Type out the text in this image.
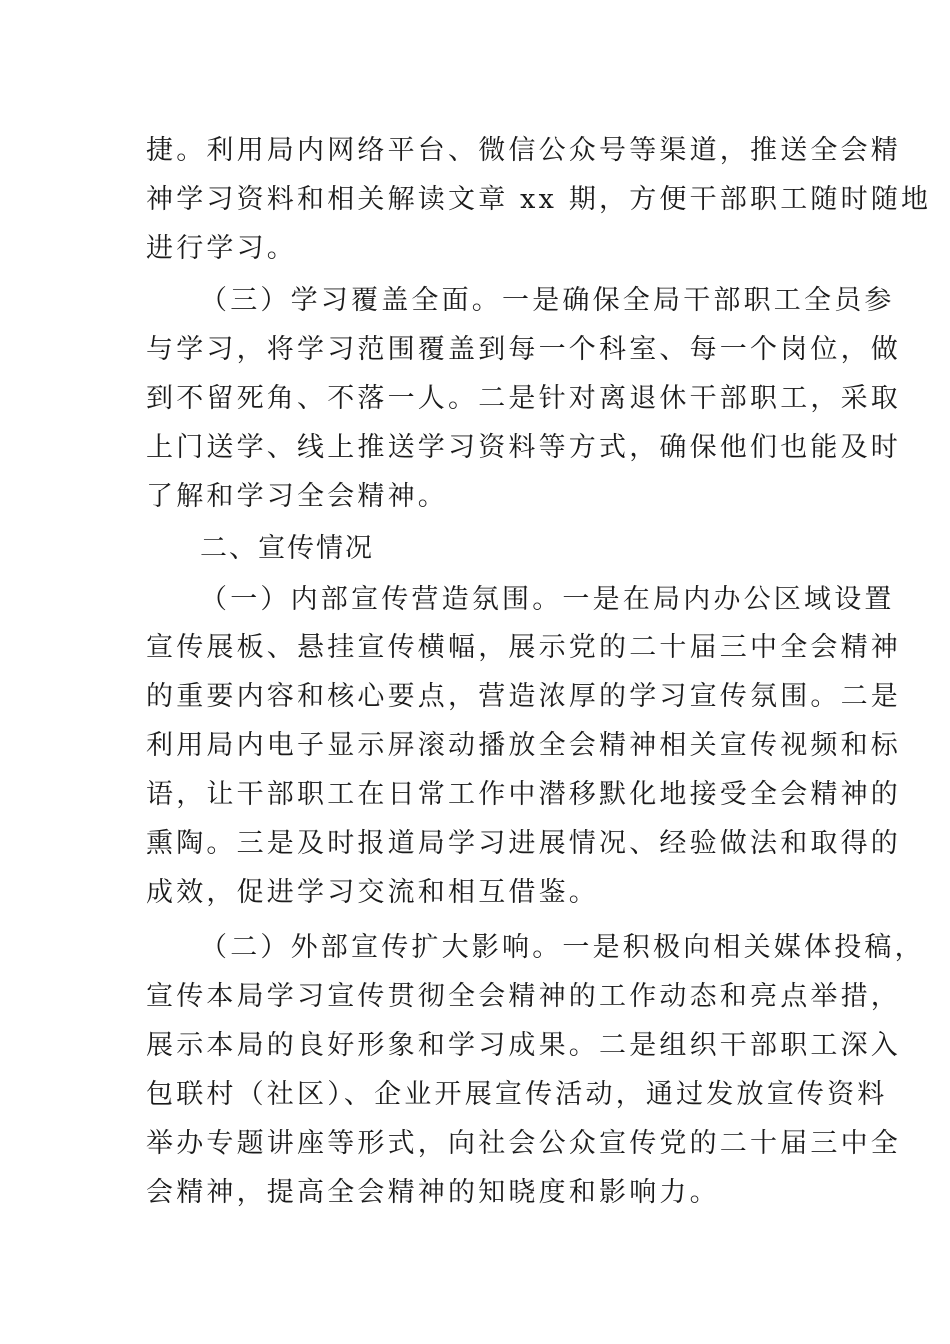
捷。利用局内网络平台、微信公众号等渠道，推送全会精
神学习资料和相关解读文章 xx 期，方便干部职工随时随地
进行学习。
（三）学习覆盖全面。一是确保全局干部职工全员参
与学习，将学习范围覆盖到每一个科室、每一个岗位，做
到不留死角、不落一人。二是针对离退休干部职工，采取
上门送学、线上推送学习资料等方式，确保他们也能及时
了解和学习全会精神。
二、宣传情况
（一）内部宣传营造氛围。一是在局内办公区域设置
宣传展板、悬挂宣传横幅，展示党的二十届三中全会精神
的重要内容和核心要点，营造浓厚的学习宣传氛围。二是
利用局内电子显示屏滚动播放全会精神相关宣传视频和标
语，让干部职工在日常工作中潜移默化地接受全会精神的
熏陶。三是及时报道局学习进展情况、经验做法和取得的
成效，促进学习交流和相互借鉴。
（二）外部宣传扩大影响。一是积极向相关媒体投稿，
宣传本局学习宣传贯彻全会精神的工作动态和亮点举措，
展示本局的良好形象和学习成果。二是组织干部职工深入
包联村（社区）、企业开展宣传活动，通过发放宣传资料
举办专题讲座等形式，向社会公众宣传党的二十届三中全
会精神，提高全会精神的知晓度和影响力。
